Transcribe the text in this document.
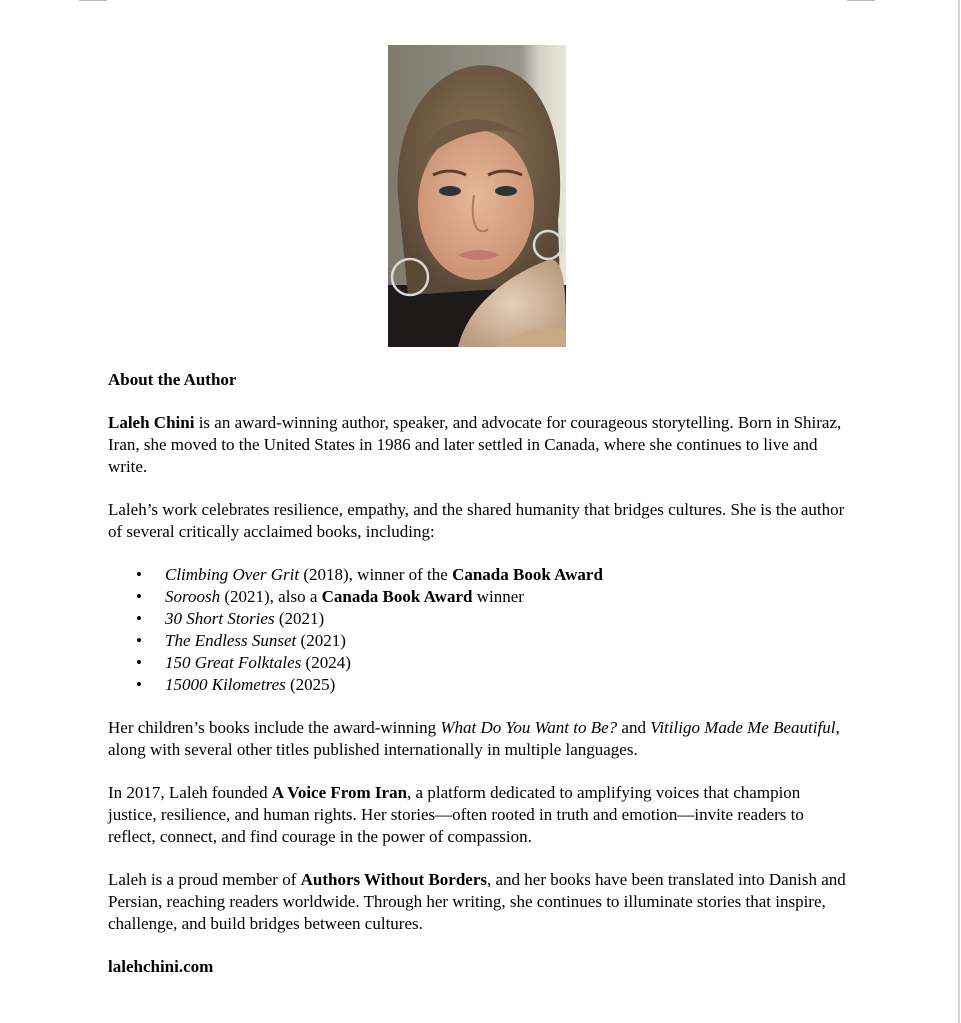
About the Author

Laleh Chini is an award-winning author, speaker, and advocate for courageous storytelling. Born in Shiraz, Iran, she moved to the United States in 1986 and later settled in Canada, where she continues to live and write.

Laleh’s work celebrates resilience, empathy, and the shared humanity that bridges cultures. She is the author of several critically acclaimed books, including:

• Climbing Over Grit (2018), winner of the Canada Book Award
• Soroosh (2021), also a Canada Book Award winner
• 30 Short Stories (2021)
• The Endless Sunset (2021)
• 150 Great Folktales (2024)
• 15000 Kilometres (2025)

Her children’s books include the award-winning What Do You Want to Be? and Vitiligo Made Me Beautiful, along with several other titles published internationally in multiple languages.

In 2017, Laleh founded A Voice From Iran, a platform dedicated to amplifying voices that champion justice, resilience, and human rights. Her stories—often rooted in truth and emotion—invite readers to reflect, connect, and find courage in the power of compassion.

Laleh is a proud member of Authors Without Borders, and her books have been translated into Danish and Persian, reaching readers worldwide. Through her writing, she continues to illuminate stories that inspire, challenge, and build bridges between cultures.

lalehchini.com
